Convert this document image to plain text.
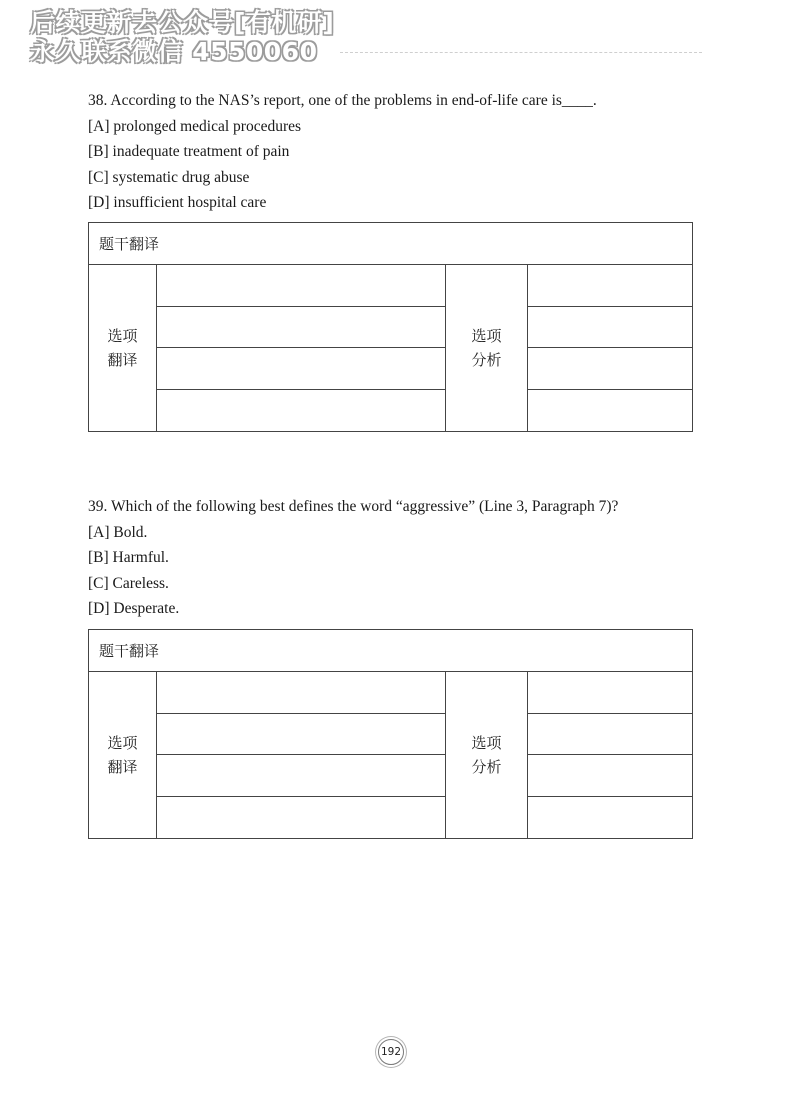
后续更新去公众号[有机研]
永久联系微信 4550060
38. According to the NAS’s report, one of the problems in end-of-life care is____.
[A] prolonged medical procedures
[B] inadequate treatment of pain
[C] systematic drug abuse
[D] insufficient hospital care
题干翻译
选项
翻译
选项
分析
39. Which of the following best defines the word “aggressive” (Line 3, Paragraph 7)?
[A] Bold.
[B] Harmful.
[C] Careless.
[D] Desperate.
题干翻译
选项
翻译
选项
分析
192
